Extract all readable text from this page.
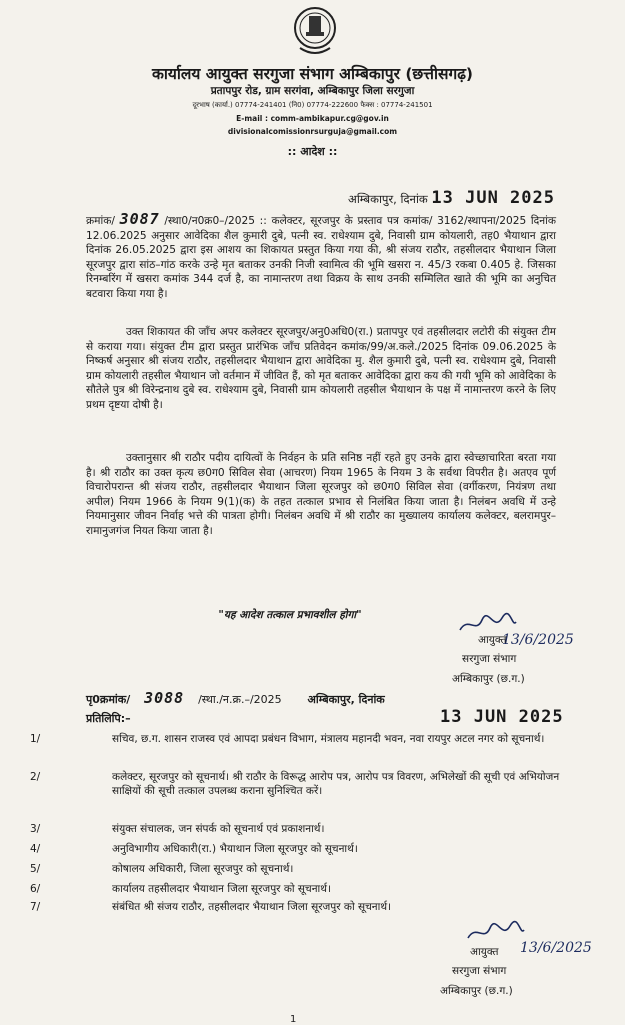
कार्यालय आयुक्त सरगुजा संभाग अम्बिकापुर (छत्तीसगढ़)
प्रतापपुर रोड, ग्राम सरगंवा, अम्बिकापुर जिला सरगुजा
दूरभाष (कार्या.) 07774-241401 (नि0) 07774-222600 फैक्स : 07774-241501
E-mail : comm-ambikapur.cg@gov.in
divisionalcomissionrsurguja@gmail.com
:: आदेश ::
अम्बिकापुर, दिनांक 13 JUN 2025
क्रमांक/ 3087 /स्था0/न0क्र0–/2025 :: कलेक्टर, सूरजपुर के प्रस्ताव पत्र कमांक/ 3162/स्थापना/2025 दिनांक 12.06.2025 अनुसार आवेदिका शैल कुमारी दुबे, पत्नी स्व. राधेश्याम दुबे, निवासी ग्राम कोयलारी, तह0 भैयाथान द्वारा दिनांक 26.05.2025 द्वारा इस आशय का शिकायत प्रस्तुत किया गया की, श्री संजय राठौर, तहसीलदार भैयाथान जिला सूरजपुर द्वारा सांठ–गांठ करके उन्हे मृत बताकर उनकी निजी स्वामित्व की भूमि खसरा न. 45/3 रकबा 0.405 हे. जिसका रिनम्बरिंग में खसरा कमांक 344 दर्ज है, का नामान्तरण तथा विक्रय के साथ उनकी सम्मिलित खाते की भूमि का अनुचित बटवारा किया गया है।
उक्त शिकायत की जाँच अपर कलेक्टर सूरजपुर/अनु0अधि0(रा.) प्रतापपुर एवं तहसीलदार लटोरी की संयुक्त टीम से कराया गया। संयुक्त टीम द्वारा प्रस्तुत प्रारंभिक जाँच प्रतिवेदन कमांक/99/अ.कले./2025 दिनांक 09.06.2025 के निष्कर्ष अनुसार श्री संजय राठौर, तहसीलदार भैयाथान द्वारा आवेदिका मु. शैल कुमारी दुबे, पत्नी स्व. राधेश्याम दुबे, निवासी ग्राम कोयलारी तहसील भैयाथान जो वर्तमान में जीवित हैं, को मृत बताकर आवेदिका द्वारा कय की गयी भूमि को आवेदिका के सौतेले पुत्र श्री विरेन्द्रनाथ दुबे स्व. राधेश्याम दुबे, निवासी ग्राम कोयलारी तहसील भैयाथान के पक्ष में नामान्तरण करने के लिए प्रथम दृष्टया दोषी है।
उक्तानुसार श्री राठौर पदीय दायित्वों के निर्वहन के प्रति सनिष्ठ नहीं रहते हुए उनके द्वारा स्वेच्छाचारिता बरता गया है। श्री राठौर का उक्त कृत्य छ0ग0 सिविल सेवा (आचरण) नियम 1965 के नियम 3 के सर्वथा विपरीत है। अतएव पूर्ण विचारोपरान्त श्री संजय राठौर, तहसीलदार भैयाथान जिला सूरजपुर को छ0ग0 सिविल सेवा (वर्गीकरण, नियंत्रण तथा अपील) नियम 1966 के नियम 9(1)(क) के तहत तत्काल प्रभाव से निलंबित किया जाता है। निलंबन अवधि में उन्हे नियमानुसार जीवन निर्वाह भत्ते की पात्रता होगी। निलंबन अवधि में श्री राठौर का मुख्यालय कार्यालय कलेक्टर, बलरामपुर– रामानुजगंज नियत किया जाता है।
"यह आदेश तत्काल प्रभावशील होगा"
13/6/2025
आयुक्त
सरगुजा संभाग
अम्बिकापुर (छ.ग.)
पृ0क्रमांक/ 3088 /स्था./न.क्र.–/2025 अम्बिकापुर, दिनांक
13 JUN 2025
प्रतिलिपि:–
1/	सचिव, छ.ग. शासन राजस्व एवं आपदा प्रबंधन विभाग, मंत्रालय महानदी भवन, नवा रायपुर अटल नगर को सूचनार्थ।
2/	कलेक्टर, सूरजपुर को सूचनार्थ। श्री राठौर के विरूद्ध आरोप पत्र, आरोप पत्र विवरण, अभिलेखों की सूची एवं अभियोजन साक्षियों की सूची तत्काल उपलब्ध कराना सुनिश्चित करें।
3/	संयुक्त संचालक, जन संपर्क को सूचनार्थ एवं प्रकाशनार्थ।
4/	अनुविभागीय अधिकारी(रा.) भैयाथान जिला सूरजपुर को सूचनार्थ।
5/	कोषालय अधिकारी, जिला सूरजपुर को सूचनार्थ।
6/	कार्यालय तहसीलदार भैयाथान जिला सूरजपुर को सूचनार्थ।
7/	संबंधित श्री संजय राठौर, तहसीलदार भैयाथान जिला सूरजपुर को सूचनार्थ।
13/6/2025
आयुक्त
सरगुजा संभाग
अम्बिकापुर (छ.ग.)
1
